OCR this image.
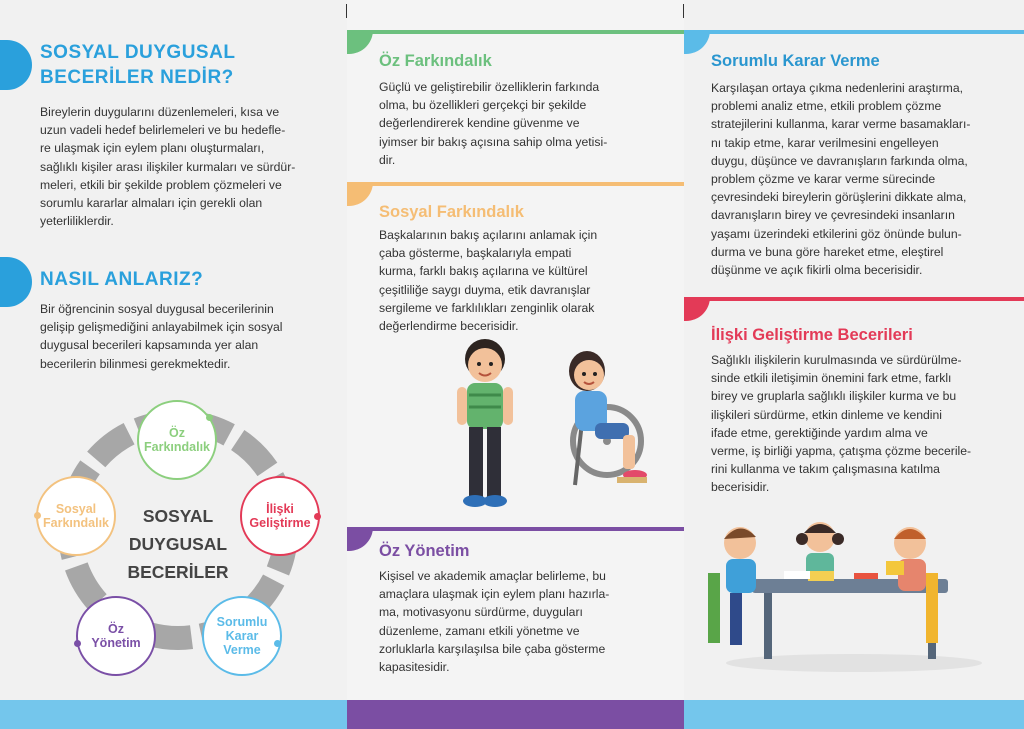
SOSYAL DUYGUSAL
BECERİLER NEDİR?
Bireylerin duygularını düzenlemeleri, kısa ve
uzun vadeli hedef belirlemeleri ve bu hedefle-
re ulaşmak için eylem planı oluşturmaları,
sağlıklı kişiler arası ilişkiler kurmaları ve sürdür-
meleri, etkili bir şekilde problem çözmeleri ve
sorumlu kararlar almaları için gerekli olan
yeterliliklerdir.
NASIL ANLARIZ?
Bir öğrencinin sosyal duygusal becerilerinin
gelişip gelişmediğini anlayabilmek için sosyal
duygusal becerileri kapsamında yer alan
becerilerin bilinmesi gerekmektedir.
SOSYAL
DUYGUSAL
BECERİLER
Öz
Farkındalık
İlişki
Geliştirme
Sorumlu
Karar
Verme
Öz
Yönetim
Sosyal
Farkındalık
Öz Farkındalık
Güçlü ve geliştirebilir özelliklerin farkında
olma, bu özellikleri gerçekçi bir şekilde
değerlendirerek kendine güvenme ve
iyimser bir bakış açısına sahip olma yetisi-
dir.
Sosyal Farkındalık
Başkalarının bakış açılarını anlamak için
çaba gösterme, başkalarıyla empati
kurma, farklı bakış açılarına ve kültürel
çeşitliliğe saygı duyma, etik davranışlar
sergileme ve farklılıkları zenginlik olarak
değerlendirme becerisidir.
Öz Yönetim
Kişisel ve akademik amaçlar belirleme, bu
amaçlara ulaşmak için eylem planı hazırla-
ma, motivasyonu sürdürme, duyguları
düzenleme, zamanı etkili yönetme ve
zorluklarla karşılaşılsa bile çaba gösterme
kapasitesidir.
Sorumlu Karar Verme
Karşılaşan ortaya çıkma nedenlerini araştırma,
problemi analiz etme, etkili problem çözme
stratejilerini kullanma, karar verme basamakları-
nı takip etme, karar verilmesini engelleyen
duygu, düşünce ve davranışların farkında olma,
problem çözme ve karar verme sürecinde
çevresindeki bireylerin görüşlerini dikkate alma,
davranışların birey ve çevresindeki insanların
yaşamı üzerindeki etkilerini göz önünde bulun-
durma ve buna göre hareket etme, eleştirel
düşünme ve açık fikirli olma becerisidir.
İlişki Geliştirme Becerileri
Sağlıklı ilişkilerin kurulmasında ve sürdürülme-
sinde etkili iletişimin önemini fark etme, farklı
birey ve gruplarla sağlıklı ilişkiler kurma ve bu
ilişkileri sürdürme, etkin dinleme ve kendini
ifade etme, gerektiğinde yardım alma ve
verme, iş birliği yapma, çatışma çözme becerile-
rini kullanma ve takım çalışmasına katılma
becerisidir.
